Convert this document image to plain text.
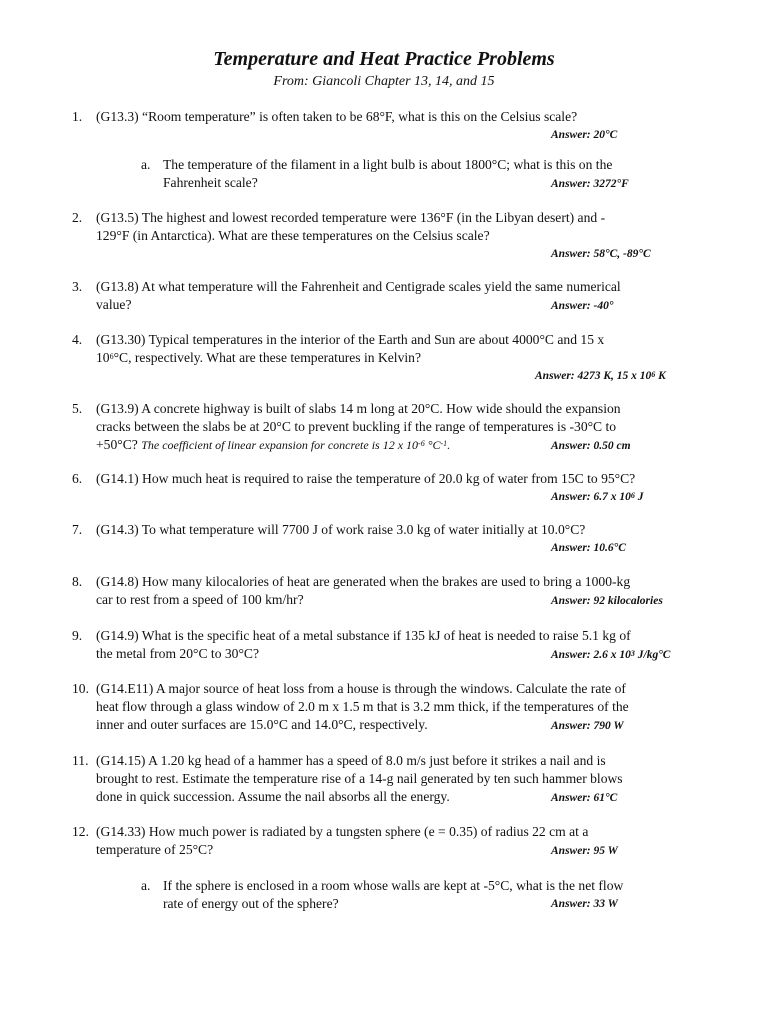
Temperature and Heat Practice Problems
From: Giancoli Chapter 13, 14, and 15
1. (G13.3) “Room temperature” is often taken to be 68°F, what is this on the Celsius scale?
Answer: 20°C
a. The temperature of the filament in a light bulb is about 1800°C; what is this on the
Fahrenheit scale?	Answer: 3272°F
2. (G13.5) The highest and lowest recorded temperature were 136°F (in the Libyan desert) and -
129°F (in Antarctica). What are these temperatures on the Celsius scale?
Answer: 58°C, -89°C
3. (G13.8) At what temperature will the Fahrenheit and Centigrade scales yield the same numerical
value?	Answer: -40°
4. (G13.30) Typical temperatures in the interior of the Earth and Sun are about 4000°C and 15 x
$10^6^\circ C$, respectively. What are these temperatures in Kelvin?
Answer: 4273 K, 15 x $10^6$ K
5. (G13.9) A concrete highway is built of slabs 14 m long at 20°C. How wide should the expansion
cracks between the slabs be at 20°C to prevent buckling if the range of temperatures is -30°C to
+50°C? The coefficient of linear expansion for concrete is 12 x $10^{-6}$ $^\circ C^{-1}$.	Answer: 0.50 cm
6. (G14.1) How much heat is required to raise the temperature of 20.0 kg of water from 15C to 95°C?
Answer: 6.7 x $10^6$ J
7. (G14.3) To what temperature will 7700 J of work raise 3.0 kg of water initially at 10.0°C?
Answer: 10.6°C
8. (G14.8) How many kilocalories of heat are generated when the brakes are used to bring a 1000-kg
car to rest from a speed of 100 km/hr?	Answer: 92 kilocalories
9. (G14.9) What is the specific heat of a metal substance if 135 kJ of heat is needed to raise 5.1 kg of
the metal from 20°C to 30°C?	Answer: 2.6 x $10^3$ J/kg°C
10. (G14.E11) A major source of heat loss from a house is through the windows. Calculate the rate of
heat flow through a glass window of 2.0 m x 1.5 m that is 3.2 mm thick, if the temperatures of the
inner and outer surfaces are 15.0°C and 14.0°C, respectively.	Answer: 790 W
11. (G14.15) A 1.20 kg head of a hammer has a speed of 8.0 m/s just before it strikes a nail and is
brought to rest. Estimate the temperature rise of a 14-g nail generated by ten such hammer blows
done in quick succession. Assume the nail absorbs all the energy.	Answer: 61°C
12. (G14.33) How much power is radiated by a tungsten sphere (e = 0.35) of radius 22 cm at a
temperature of 25°C?	Answer: 95 W
a. If the sphere is enclosed in a room whose walls are kept at -5°C, what is the net flow
rate of energy out of the sphere?	Answer: 33 W
